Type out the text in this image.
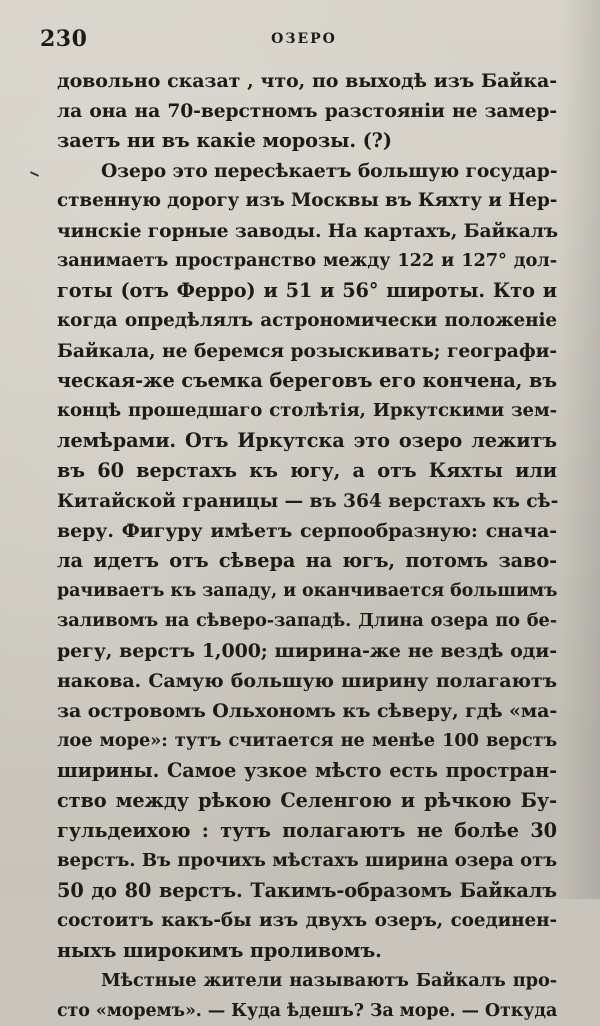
230	ОЗЕРО
довольно сказат , что, по выходѣ изъ Байка-
ла она на 70-верстномъ разстояніи не замер-
заетъ ни въ какіе морозы. (?)
Озеро это пересѣкаетъ большую государ-
ственную дорогу изъ Москвы въ Кяхту и Нер-
чинскіе горные заводы. На картахъ, Байкалъ
занимаетъ пространство между 122 и 127° дол-
готы (отъ Ферро) и 51 и 56° широты. Кто и
когда опредѣлялъ астрономически положеніе
Байкала, не беремся розыскивать; географи-
ческая-же съемка береговъ его кончена, въ
концѣ прошедшаго столѣтія, Иркутскими зем-
лемѣрами. Отъ Иркутска это озеро лежитъ
въ 60 верстахъ къ югу, а отъ Кяхты или
Китайской границы — въ 364 верстахъ къ сѣ-
веру. Фигуру имѣетъ серпообразную: снача-
ла идетъ отъ сѣвера на югъ, потомъ заво-
рачиваетъ къ западу, и оканчивается большимъ
заливомъ на сѣверо-западѣ. Длина озера по бе-
регу, верстъ 1,000; ширина-же не вездѣ оди-
накова. Самую большую ширину полагаютъ
за островомъ Ольхономъ къ сѣверу, гдѣ «ма-
лое море»: тутъ считается не менѣе 100 верстъ
ширины. Самое узкое мѣсто есть простран-
ство между рѣкою Селенгою и рѣчкою Бу-
гульдеихою : тутъ полагаютъ не болѣе 30
верстъ. Въ прочихъ мѣстахъ ширина озера отъ
50 до 80 верстъ. Такимъ-образомъ Байкалъ
состоитъ какъ-бы изъ двухъ озеръ, соединен-
ныхъ широкимъ проливомъ.
Мѣстные жители называютъ Байкалъ про-
сто «моремъ». — Куда ѣдешъ? За море. — Откуда
